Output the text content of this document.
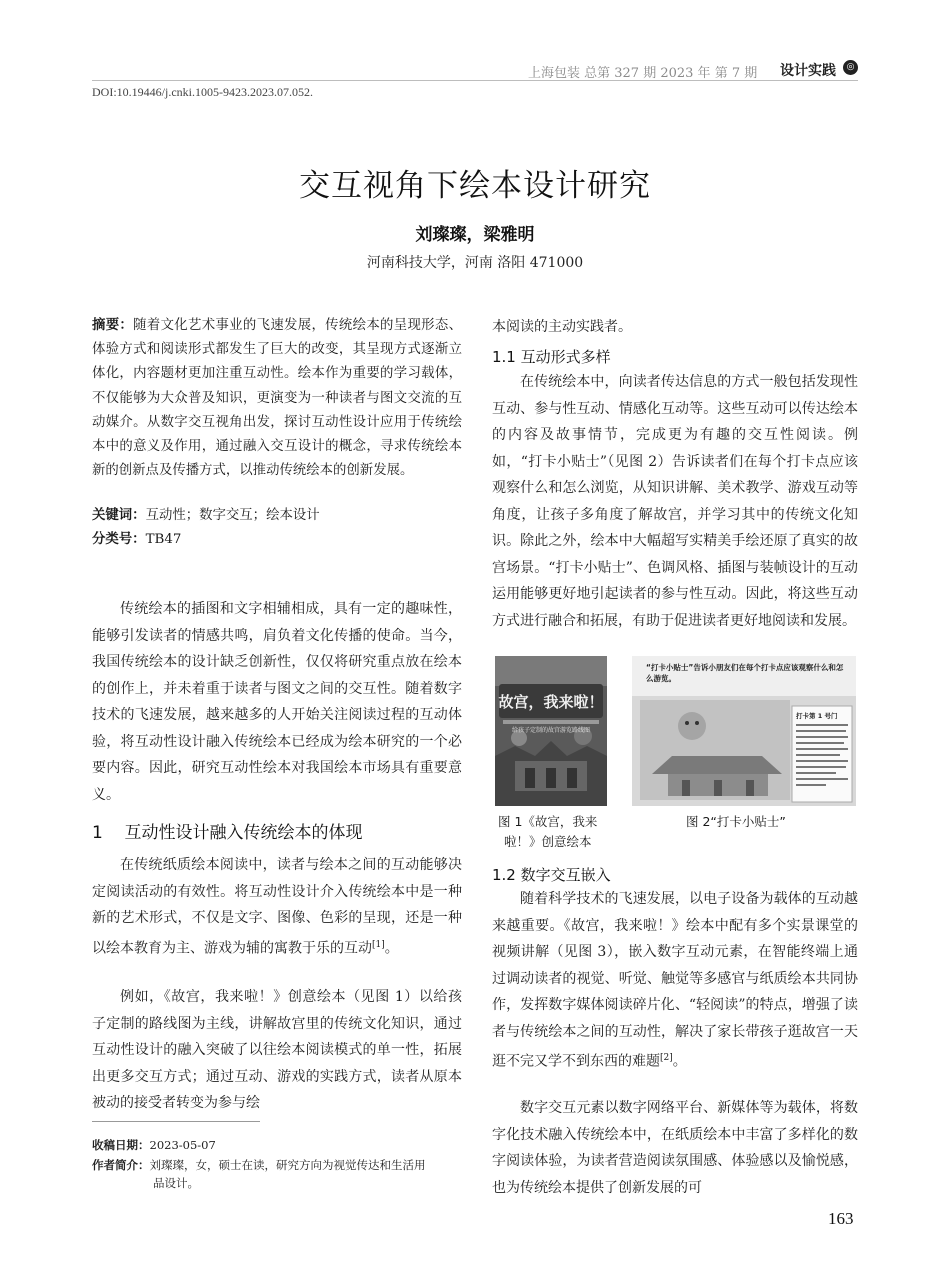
上海包装 总第 327 期 2023 年 第 7 期 设计实践	◎
DOI:10.19446/j.cnki.1005-9423.2023.07.052.
交互视角下绘本设计研究
刘璨璨，梁雅明
河南科技大学，河南 洛阳 471000
摘要：随着文化艺术事业的飞速发展，传统绘本的呈现形态、体验方式和阅读形式都发生了巨大的改变，其呈现方式逐渐立体化，内容题材更加注重互动性。绘本作为重要的学习载体，不仅能够为大众普及知识，更演变为一种读者与图文交流的互动媒介。从数字交互视角出发，探讨互动性设计应用于传统绘本中的意义及作用，通过融入交互设计的概念，寻求传统绘本新的创新点及传播方式，以推动传统绘本的创新发展。
关键词：互动性；数字交互；绘本设计
分类号：TB47
传统绘本的插图和文字相辅相成，具有一定的趣味性，能够引发读者的情感共鸣，肩负着文化传播的使命。当今，我国传统绘本的设计缺乏创新性，仅仅将研究重点放在绘本的创作上，并未着重于读者与图文之间的交互性。随着数字技术的飞速发展，越来越多的人开始关注阅读过程的互动体验，将互动性设计融入传统绘本已经成为绘本研究的一个必要内容。因此，研究互动性绘本对我国绘本市场具有重要意义。
1 互动性设计融入传统绘本的体现
在传统纸质绘本阅读中，读者与绘本之间的互动能够决定阅读活动的有效性。将互动性设计介入传统绘本中是一种新的艺术形式，不仅是文字、图像、色彩的呈现，还是一种以绘本教育为主、游戏为辅的寓教于乐的互动[1]。
例如，《故宫，我来啦！》创意绘本（见图 1）以给孩子定制的路线图为主线，讲解故宫里的传统文化知识，通过互动性设计的融入突破了以往绘本阅读模式的单一性，拓展出更多交互方式；通过互动、游戏的实践方式，读者从原本被动的接受者转变为参与绘
收稿日期：2023-05-07
作者简介：刘璨璨，女，硕士在读，研究方向为视觉传达和生活用
品设计。
本阅读的主动实践者。
1.1 互动形式多样
在传统绘本中，向读者传达信息的方式一般包括发现性互动、参与性互动、情感化互动等。这些互动可以传达绘本的内容及故事情节，完成更为有趣的交互性阅读。例如，“打卡小贴士”（见图 2）告诉读者们在每个打卡点应该观察什么和怎么浏览，从知识讲解、美术教学、游戏互动等角度，让孩子多角度了解故宫，并学习其中的传统文化知识。除此之外，绘本中大幅超写实精美手绘还原了真实的故宫场景。“打卡小贴士”、色调风格、插图与装帧设计的互动运用能够更好地引起读者的参与性互动。因此，将这些互动方式进行融合和拓展，有助于促进读者更好地阅读和发展。
故宫，我来啦！
给孩子定制的故宫游览路线图
图 1《故宫，我来
啦！》创意绘本
打卡第 1 号门
“打卡小贴士”告诉小朋友们在每个打卡点应该观察什么和怎么游览。
图 2“打卡小贴士”
1.2 数字交互嵌入
随着科学技术的飞速发展，以电子设备为载体的互动越来越重要。《故宫，我来啦！》绘本中配有多个实景课堂的视频讲解（见图 3），嵌入数字互动元素，在智能终端上通过调动读者的视觉、听觉、触觉等多感官与纸质绘本共同协作，发挥数字媒体阅读碎片化、“轻阅读”的特点，增强了读者与传统绘本之间的互动性，解决了家长带孩子逛故宫一天逛不完又学不到东西的难题[2]。
数字交互元素以数字网络平台、新媒体等为载体，将数字化技术融入传统绘本中，在纸质绘本中丰富了多样化的数字阅读体验，为读者营造阅读氛围感、体验感以及愉悦感，也为传统绘本提供了创新发展的可
163
